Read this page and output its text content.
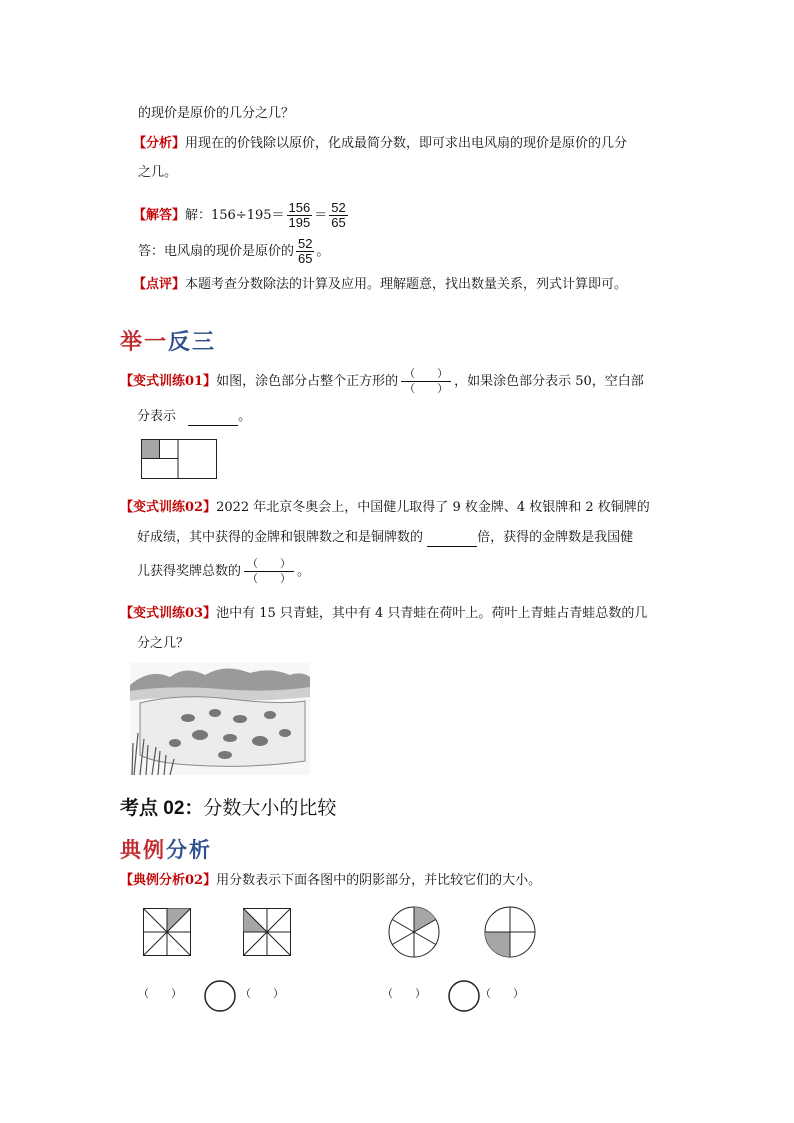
的现价是原价的几分之几？
【分析】用现在的价钱除以原价，化成最简分数，即可求出电风扇的现价是原价的几分
之几。
【解答】解：$156\div 195= \frac{156}{195} = \frac{52}{65}$
答：电风扇的现价是原价的 $\frac{52}{65}$ 。
【点评】本题考查分数除法的计算及应用。理解题意，找出数量关系，列式计算即可。
举一反三
【变式训练01】如图，涂色部分占整个正方形的 $\frac{( )}{( )}$ ，如果涂色部分表示 50，空白部
分表示	。
【变式训练02】2022 年北京冬奥会上，中国健儿取得了 9 枚金牌、4 枚银牌和 2 枚铜牌的
好成绩，其中获得的金牌和银牌数之和是铜牌数的	倍，获得的金牌数是我国健
儿获得奖牌总数的 $\frac{( )}{( )}$ 。
【变式训练03】池中有 15 只青蛙，其中有 4 只青蛙在荷叶上。荷叶上青蛙占青蛙总数的几
分之几？
考点 02：分数大小的比较
典例分析
【典例分析02】用分数表示下面各图中的阴影部分，并比较它们的大小。
（　　）	（　　）	（　　）	（　　）
